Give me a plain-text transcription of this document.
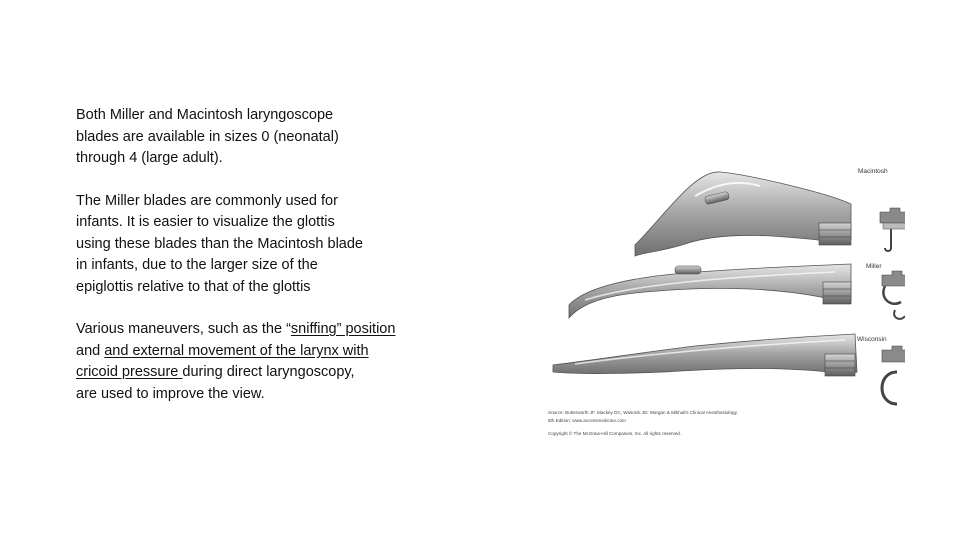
Both Miller and Macintosh laryngoscope
blades are available in sizes 0 (neonatal)
through 4 (large adult).

The Miller blades are commonly used for
infants. It is easier to visualize the glottis
using these blades than the Macintosh blade
in infants, due to the larger size of the
epiglottis relative to that of the glottis

Various maneuvers, such as the “sniffing” position
and and external movement of the larynx with
cricoid pressure during direct laryngoscopy,
are used to improve the view.

Macintosh
Miller
Wisconsin
Source: Butterworth JF, Mackey DC, Wasnick JD: Morgan & Mikhail's Clinical Anesthesiology,
5th Edition: www.accessmedicine.com
Copyright © The McGraw-Hill Companies, Inc. All rights reserved.
